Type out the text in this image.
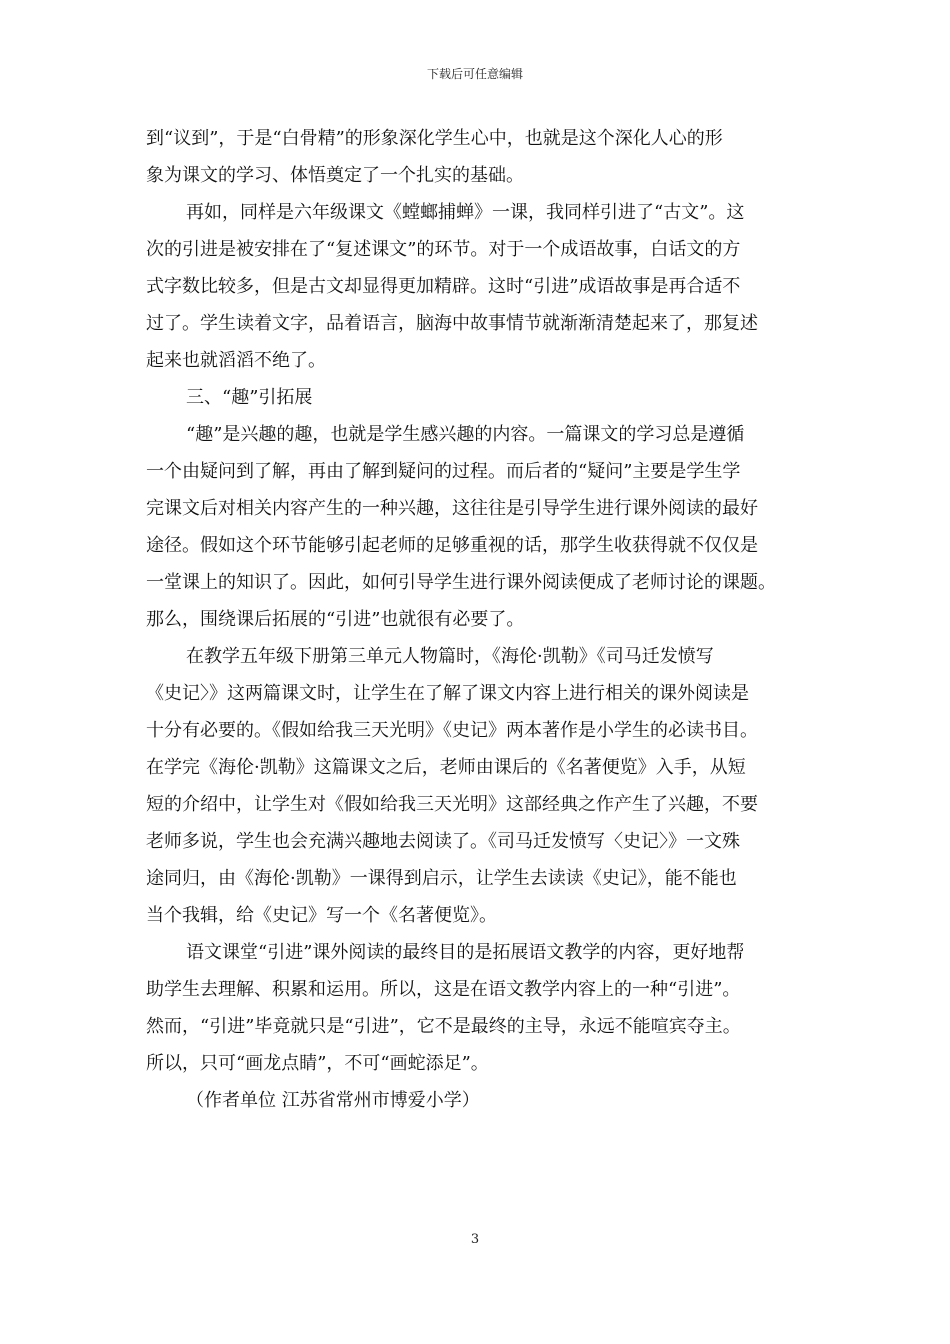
下载后可任意编辑
到“议到”，于是“白骨精”的形象深化学生心中，也就是这个深化人心的形
象为课文的学习、体悟奠定了一个扎实的基础。
再如，同样是六年级课文《螳螂捕蝉》一课，我同样引进了“古文”。这
次的引进是被安排在了“复述课文”的环节。对于一个成语故事，白话文的方
式字数比较多，但是古文却显得更加精辟。这时“引进”成语故事是再合适不
过了。学生读着文字，品着语言，脑海中故事情节就渐渐清楚起来了，那复述
起来也就滔滔不绝了。
三、“趣”引拓展
“趣”是兴趣的趣，也就是学生感兴趣的内容。一篇课文的学习总是遵循
一个由疑问到了解，再由了解到疑问的过程。而后者的“疑问”主要是学生学
完课文后对相关内容产生的一种兴趣，这往往是引导学生进行课外阅读的最好
途径。假如这个环节能够引起老师的足够重视的话，那学生收获得就不仅仅是
一堂课上的知识了。因此，如何引导学生进行课外阅读便成了老师讨论的课题。
那么，围绕课后拓展的“引进”也就很有必要了。
在教学五年级下册第三单元人物篇时，《海伦·凯勒》《司马迁发愤写
《史记〉》这两篇课文时，让学生在了解了课文内容上进行相关的课外阅读是
十分有必要的。《假如给我三天光明》《史记》两本著作是小学生的必读书目。
在学完《海伦·凯勒》这篇课文之后，老师由课后的《名著便览》入手，从短
短的介绍中，让学生对《假如给我三天光明》这部经典之作产生了兴趣，不要
老师多说，学生也会充满兴趣地去阅读了。《司马迁发愤写〈史记〉》一文殊
途同归，由《海伦·凯勒》一课得到启示，让学生去读读《史记》，能不能也
当个我辑，给《史记》写一个《名著便览》。
语文课堂“引进”课外阅读的最终目的是拓展语文教学的内容，更好地帮
助学生去理解、积累和运用。所以，这是在语文教学内容上的一种“引进”。
然而，“引进”毕竟就只是“引进”，它不是最终的主导，永远不能喧宾夺主。
所以，只可“画龙点睛”，不可“画蛇添足”。
（作者单位 江苏省常州市博爱小学）
3
